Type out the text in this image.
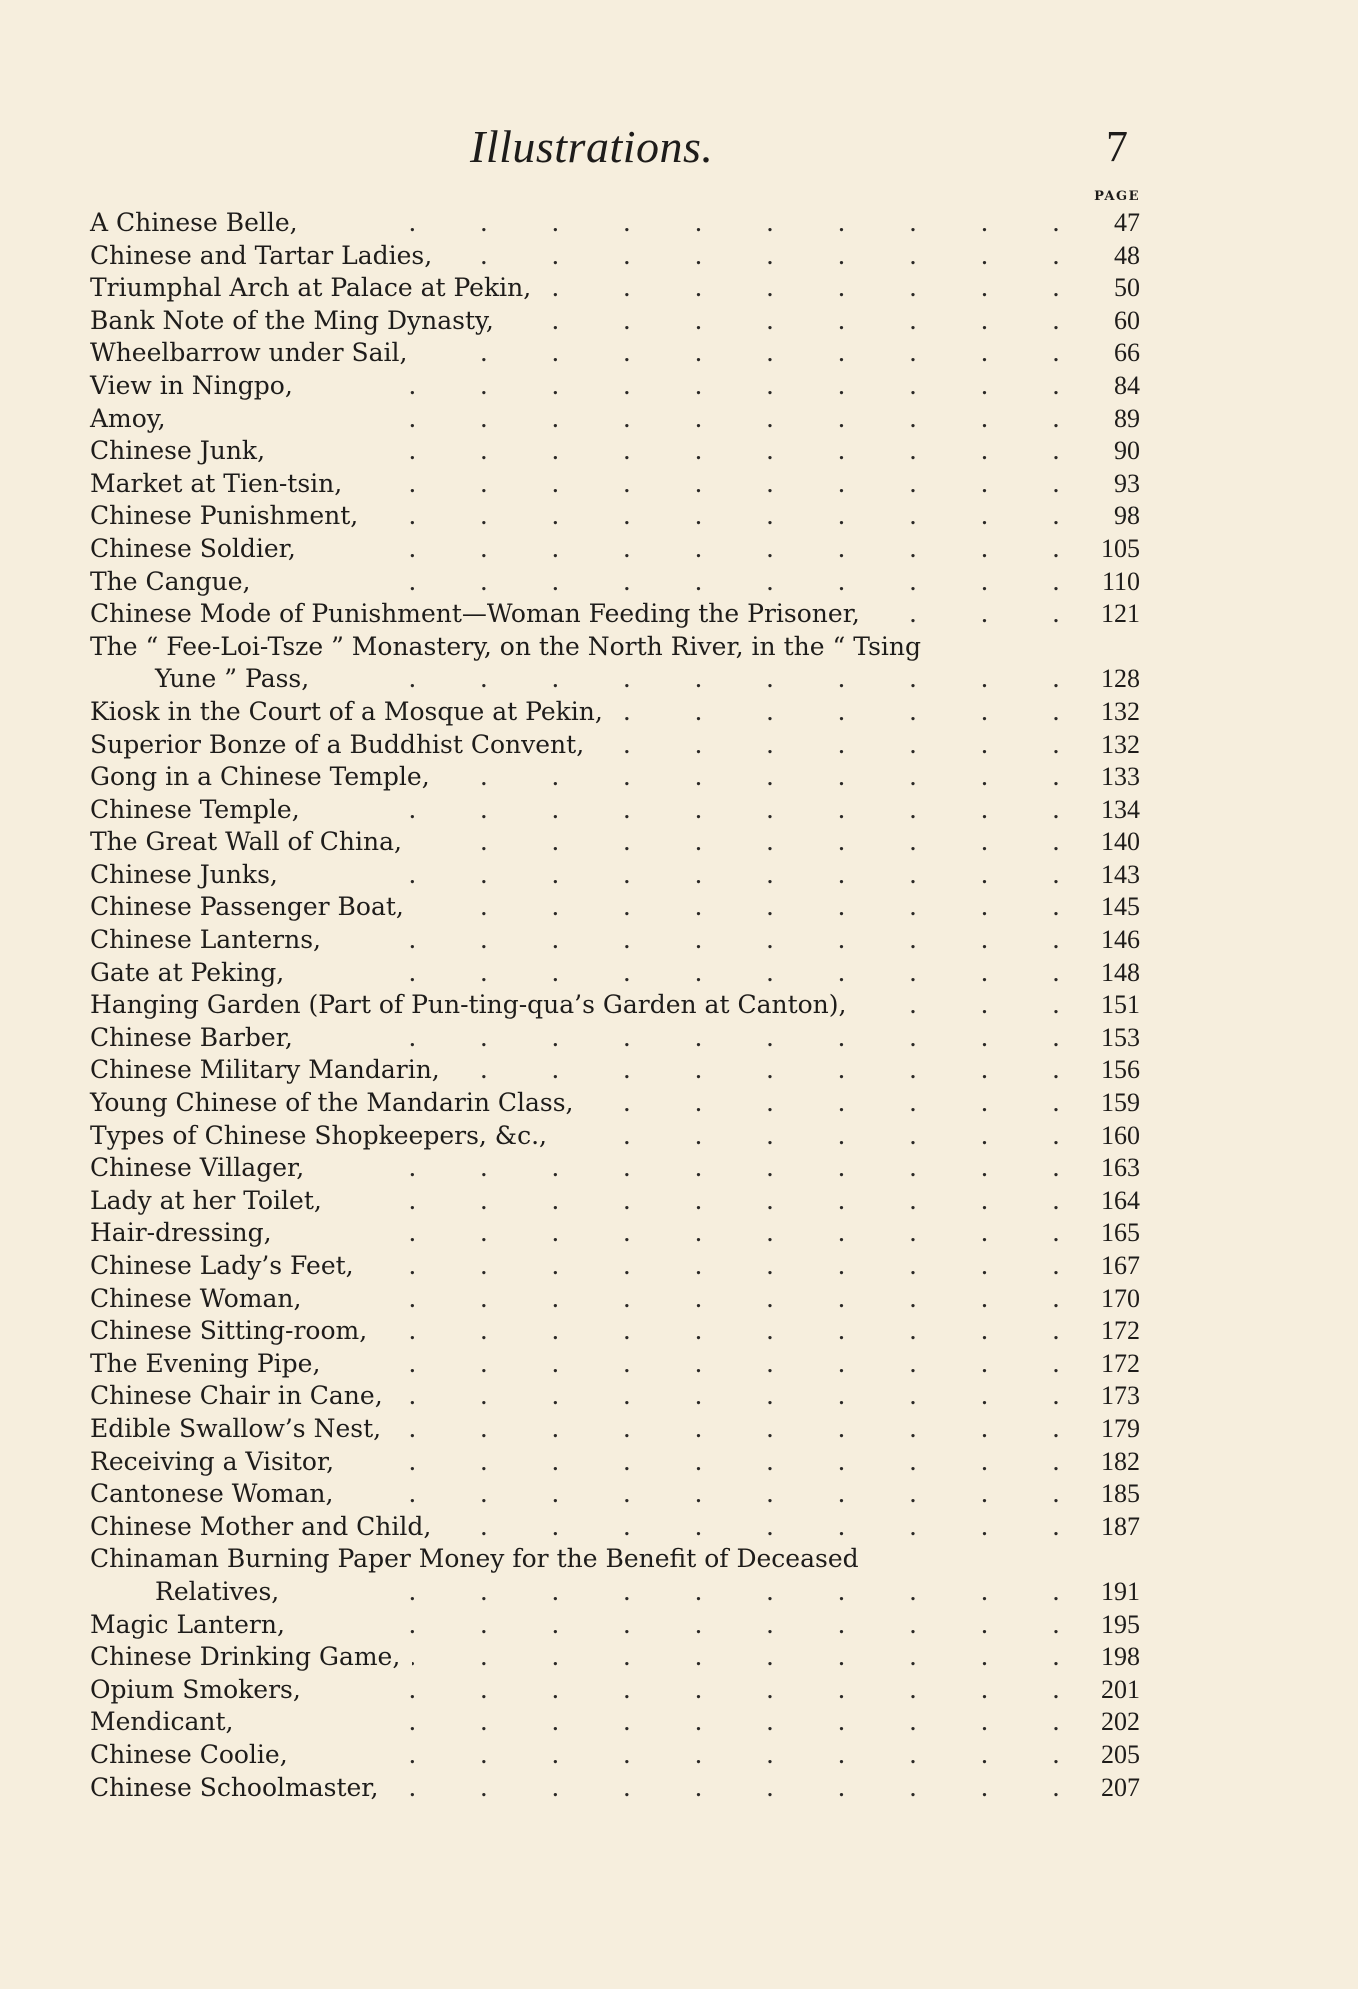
Illustrations.	7
PAGE
A Chinese Belle, .	47
Chinese and Tartar Ladies, .	48
Triumphal Arch at Palace at Pekin, .	50
Bank Note of the Ming Dynasty, .	60
Wheelbarrow under Sail, .	66
View in Ningpo, .	84
Amoy, .	89
Chinese Junk, .	90
Market at Tien-tsin, .	93
Chinese Punishment, .	98
Chinese Soldier, .	105
The Cangue, .	110
Chinese Mode of Punishment—Woman Feeding the Prisoner, .	121
The “ Fee-Loi-Tsze ” Monastery, on the North River, in the “ Tsing
Yune ” Pass, .	128
Kiosk in the Court of a Mosque at Pekin, .	132
Superior Bonze of a Buddhist Convent, .	132
Gong in a Chinese Temple, .	133
Chinese Temple, .	134
The Great Wall of China, .	140
Chinese Junks, .	143
Chinese Passenger Boat, .	145
Chinese Lanterns, .	146
Gate at Peking, .	148
Hanging Garden (Part of Pun-ting-qua’s Garden at Canton), .	151
Chinese Barber, .	153
Chinese Military Mandarin, .	156
Young Chinese of the Mandarin Class, .	159
Types of Chinese Shopkeepers, &c., .	160
Chinese Villager, .	163
Lady at her Toilet, .	164
Hair-dressing, .	165
Chinese Lady’s Feet, .	167
Chinese Woman, .	170
Chinese Sitting-room, .	172
The Evening Pipe, .	172
Chinese Chair in Cane, .	173
Edible Swallow’s Nest, .	179
Receiving a Visitor, .	182
Cantonese Woman, .	185
Chinese Mother and Child, .	187
Chinaman Burning Paper Money for the Benefit of Deceased
Relatives, .	191
Magic Lantern, .	195
Chinese Drinking Game, .	198
Opium Smokers, .	201
Mendicant, .	202
Chinese Coolie, .	205
Chinese Schoolmaster, .	207
